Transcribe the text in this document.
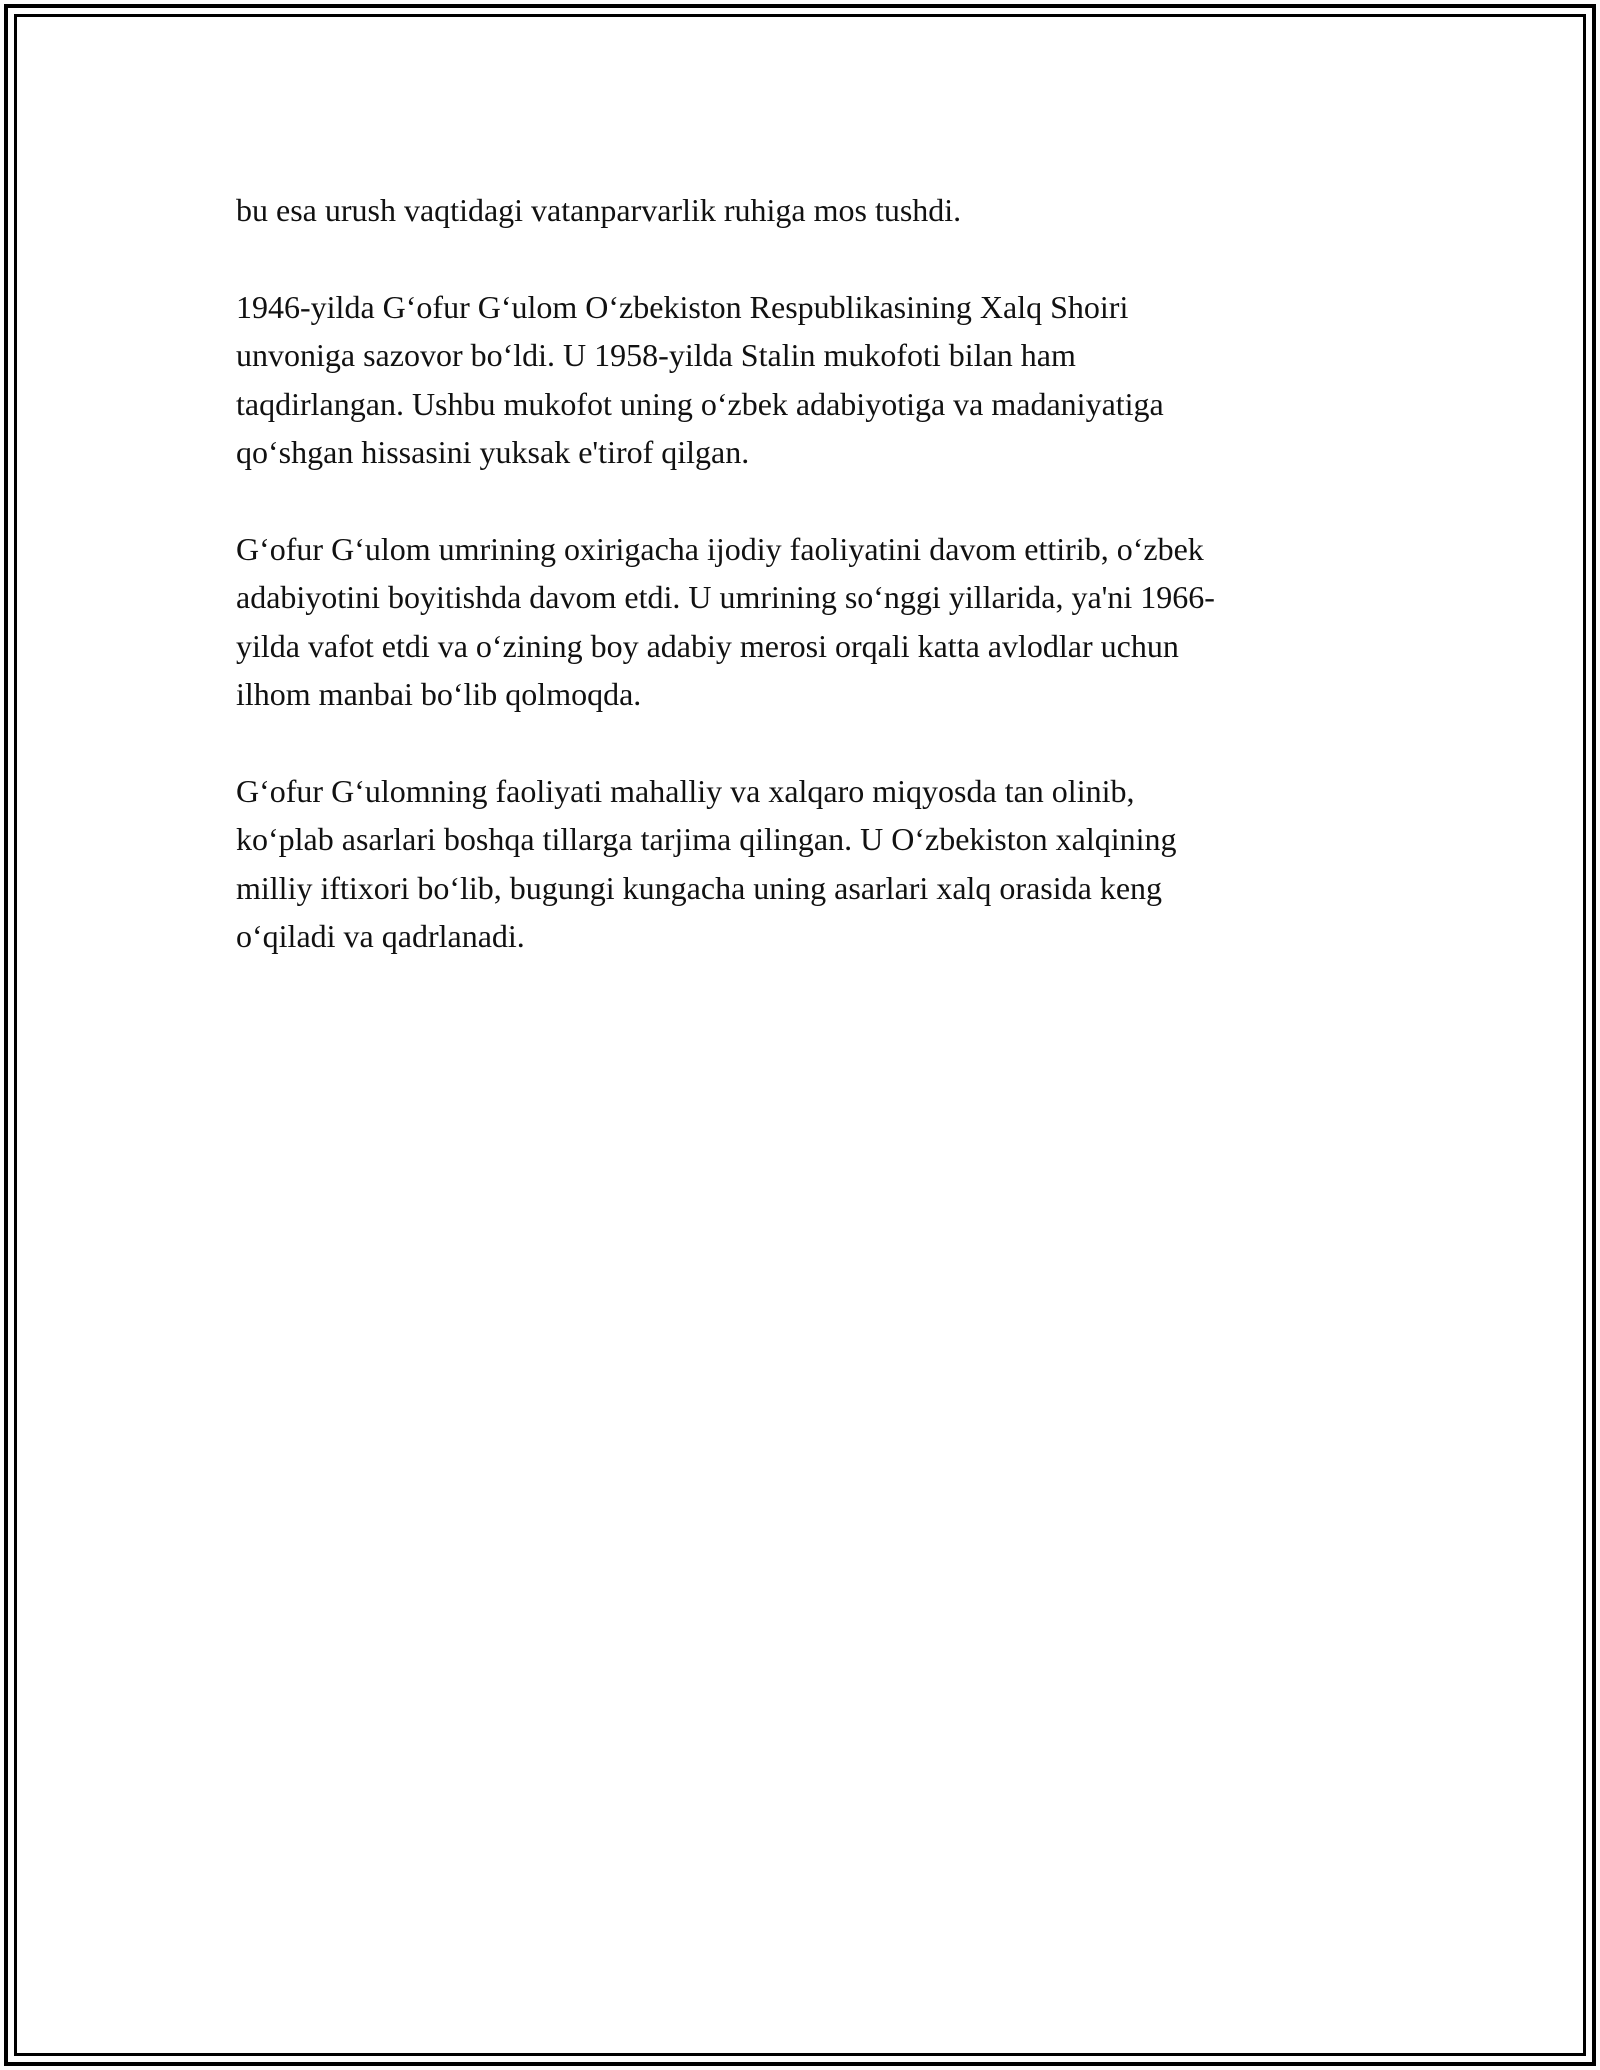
bu esa urush vaqtidagi vatanparvarlik ruhiga mos tushdi.

1946-yilda G‘ofur G‘ulom O‘zbekiston Respublikasining Xalq Shoiri
unvoniga sazovor bo‘ldi. U 1958-yilda Stalin mukofoti bilan ham
taqdirlangan. Ushbu mukofot uning o‘zbek adabiyotiga va madaniyatiga
qo‘shgan hissasini yuksak e'tirof qilgan.

G‘ofur G‘ulom umrining oxirigacha ijodiy faoliyatini davom ettirib, o‘zbek
adabiyotini boyitishda davom etdi. U umrining so‘nggi yillarida, ya'ni 1966-
yilda vafot etdi va o‘zining boy adabiy merosi orqali katta avlodlar uchun
ilhom manbai bo‘lib qolmoqda.

G‘ofur G‘ulomning faoliyati mahalliy va xalqaro miqyosda tan olinib,
ko‘plab asarlari boshqa tillarga tarjima qilingan. U O‘zbekiston xalqining
milliy iftixori bo‘lib, bugungi kungacha uning asarlari xalq orasida keng
o‘qiladi va qadrlanadi.
